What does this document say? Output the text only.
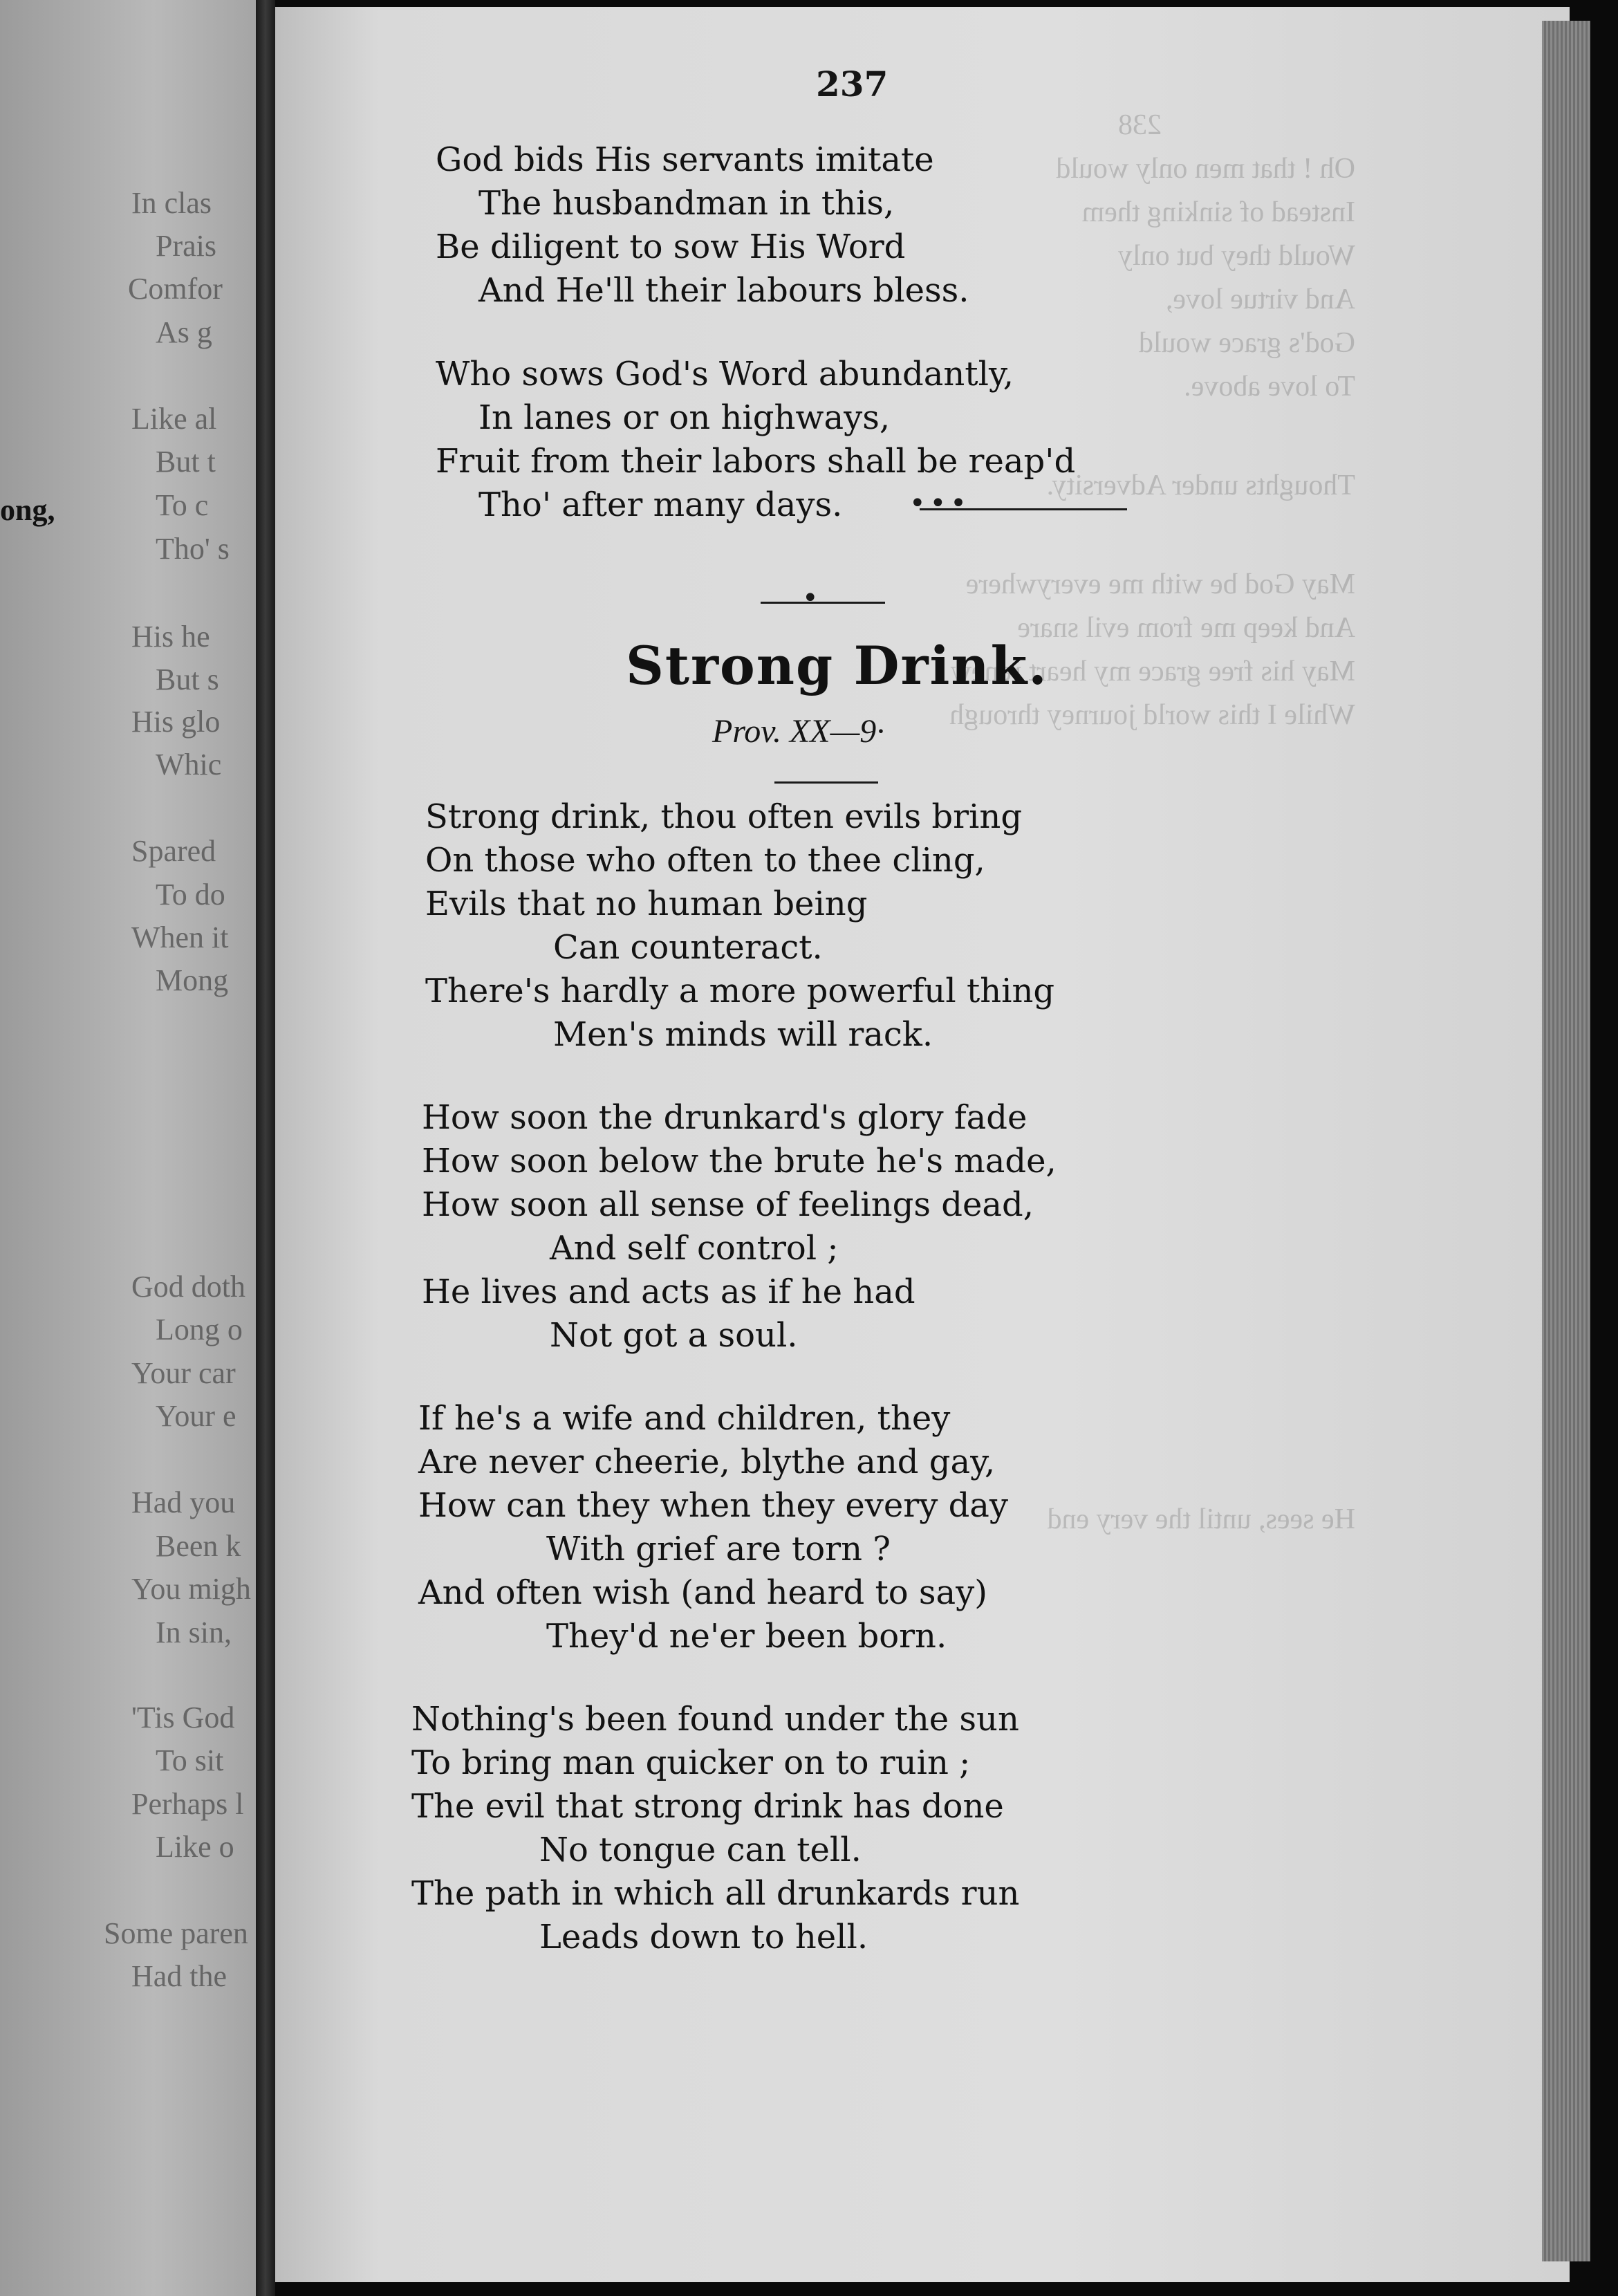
In clas
Prais
Comfor
As g
Like al
But t
To c
ong,
Tho' s
His he
But s
His glo
Whic
Spared
To do
When it
Mong
God doth
Long o
Your car
Your e
Had you
Been k
You migh
In sin,
'Tis God
To sit
Perhaps l
Like o
Some paren
Had the
238
Oh ! that men only would
Instead of sinking them
Would they but only
And virtue love,
God's grace would
To love above.
Thoughts under Adversity.
May God be with me everywhere
And keep me from evil snare
May his free grace my heart renew
While I this world journey through
He sees, until the very end
237
God bids His servants imitate
The husbandman in this,
Be diligent to sow His Word
And He'll their labours bless.
Who sows God's Word abundantly,
In lanes or on highways,
Fruit from their labors shall be reap'd
Tho' after many days.	•••
•
Strong Drink.
Prov. XX—9·
Strong drink, thou often evils bring
On those who often to thee cling,
Evils that no human being
Can counteract.
There's hardly a more powerful thing
Men's minds will rack.
How soon the drunkard's glory fade
How soon below the brute he's made,
How soon all sense of feelings dead,
And self control ;
He lives and acts as if he had
Not got a soul.
If he's a wife and children, they
Are never cheerie, blythe and gay,
How can they when they every day
With grief are torn ?
And often wish (and heard to say)
They'd ne'er been born.
Nothing's been found under the sun
To bring man quicker on to ruin ;
The evil that strong drink has done
No tongue can tell.
The path in which all drunkards run
Leads down to hell.
